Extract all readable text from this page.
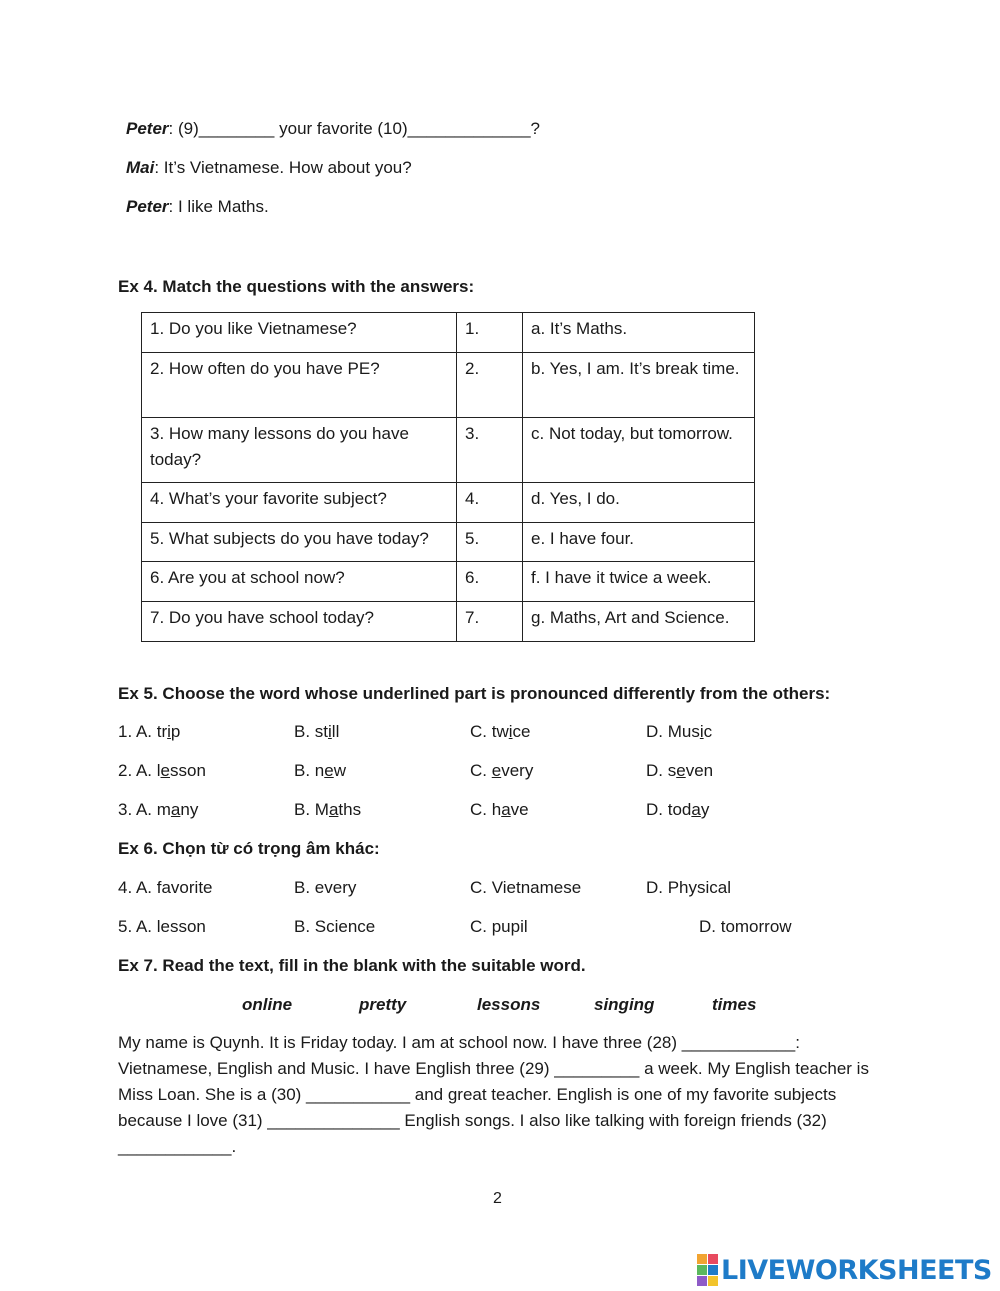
Peter: (9)________ your favorite (10)_____________?
Mai: It’s Vietnamese. How about you?
Peter: I like Maths.
Ex 4. Match the questions with the answers:
1. Do you like Vietnamese?	1.	a. It’s Maths.
2. How often do you have PE?	2.	b. Yes, I am. It’s break time.
3. How many lessons do you have today?	3.	c. Not today, but tomorrow.
4. What’s your favorite subject?	4.	d. Yes, I do.
5. What subjects do you have today?	5.	e. I have four.
6. Are you at school now?	6.	f. I have it twice a week.
7. Do you have school today?	7.	g. Maths, Art and Science.
Ex 5. Choose the word whose underlined part is pronounced differently from the others:
1. A. trip	B. still	C. twice	D. Music
2. A. lesson	B. new	C. every	D. seven
3. A. many	B. Maths	C. have	D. today
Ex 6. Chọn từ có trọng âm khác:
4. A. favorite	B. every	C. Vietnamese	D. Physical
5. A. lesson	B. Science	C. pupil	D. tomorrow
Ex 7. Read the text, fill in the blank with the suitable word.
online	pretty	lessons	singing	times
My name is Quynh. It is Friday today. I am at school now. I have three (28) ____________: Vietnamese, English and Music. I have English three (29) _________ a week. My English teacher is Miss Loan. She is a (30) ___________ and great teacher. English is one of my favorite subjects because I love (31) ______________ English songs. I also like talking with foreign friends (32) ____________.
2
LIVEWORKSHEETS
